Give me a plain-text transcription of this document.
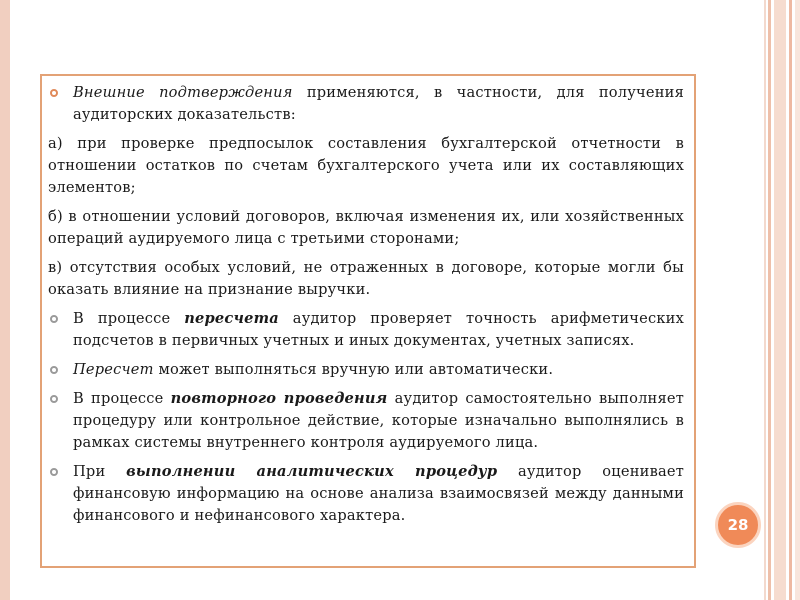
Внешние подтверждения применяются, в частности, для получения аудиторских доказательств:

а) при проверке предпосылок составления бухгалтерской отчетности в отношении остатков по счетам бухгалтерского учета или их составляющих элементов;

б) в отношении условий договоров, включая изменения их, или хозяйственных операций аудируемого лица с третьими сторонами;

в) отсутствия особых условий, не отраженных в договоре, которые могли бы оказать влияние на признание выручки.

В процессе пересчета аудитор проверяет точность арифметических подсчетов в первичных учетных и иных документах, учетных записях.

Пересчет может выполняться вручную или автоматически.

В процессе повторного проведения аудитор самостоятельно выполняет процедуру или контрольное действие, которые изначально выполнялись в рамках системы внутреннего контроля аудируемого лица.

При выполнении аналитических процедур аудитор оценивает финансовую информацию на основе анализа взаимосвязей между данными финансового и нефинансового характера.

28
